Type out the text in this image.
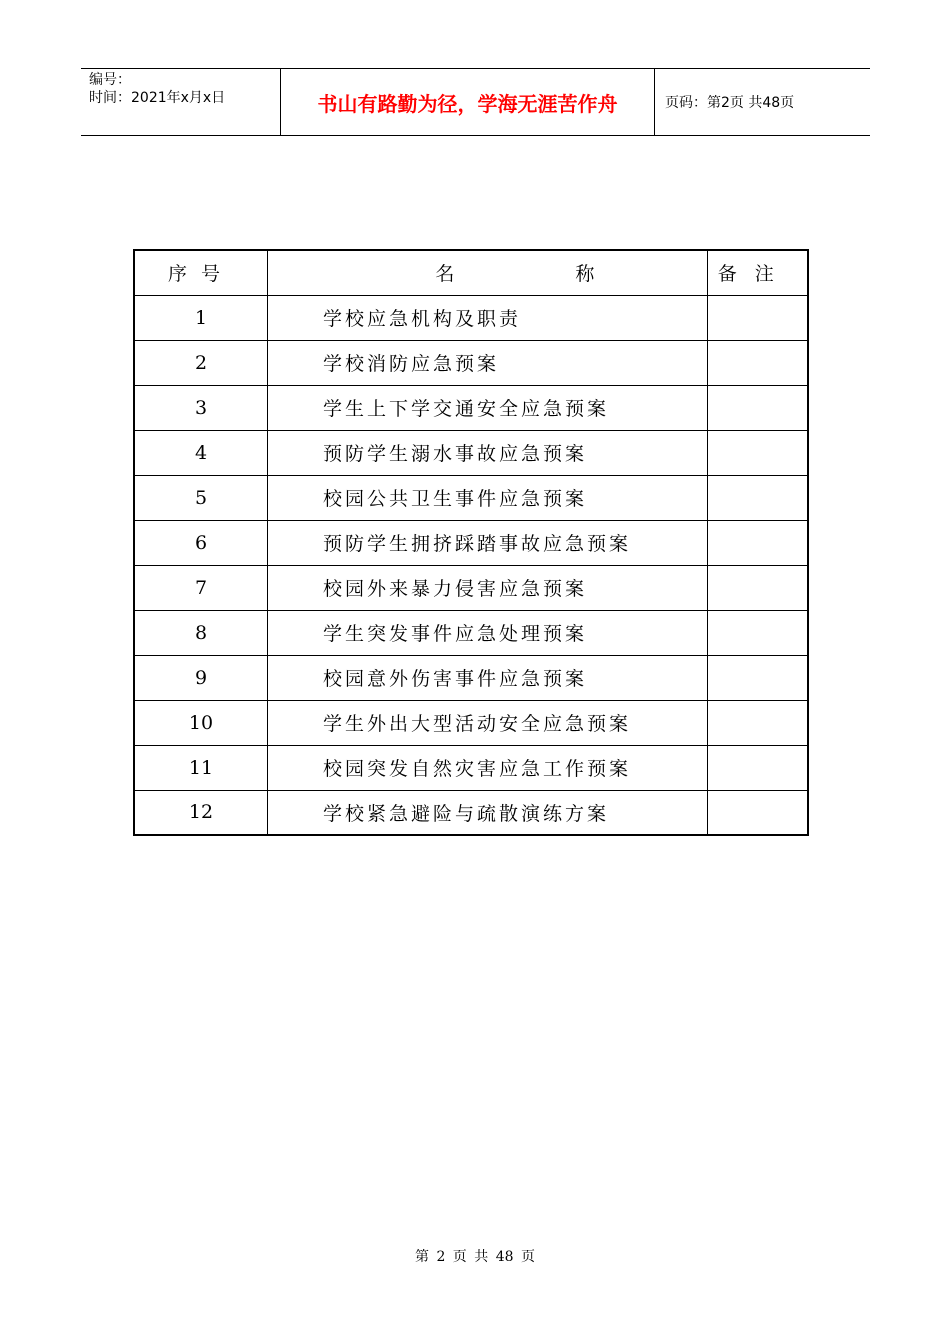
编号：
时间：2021年x月x日	书山有路勤为径，学海无涯苦作舟	页码：第2页 共48页
序号	名 称	备注
1	学校应急机构及职责	
2	学校消防应急预案	
3	学生上下学交通安全应急预案	
4	预防学生溺水事故应急预案	
5	校园公共卫生事件应急预案	
6	预防学生拥挤踩踏事故应急预案	
7	校园外来暴力侵害应急预案	
8	学生突发事件应急处理预案	
9	校园意外伤害事件应急预案	
10	学生外出大型活动安全应急预案	
11	校园突发自然灾害应急工作预案	
12	学校紧急避险与疏散演练方案	
第 2 页 共 48 页
